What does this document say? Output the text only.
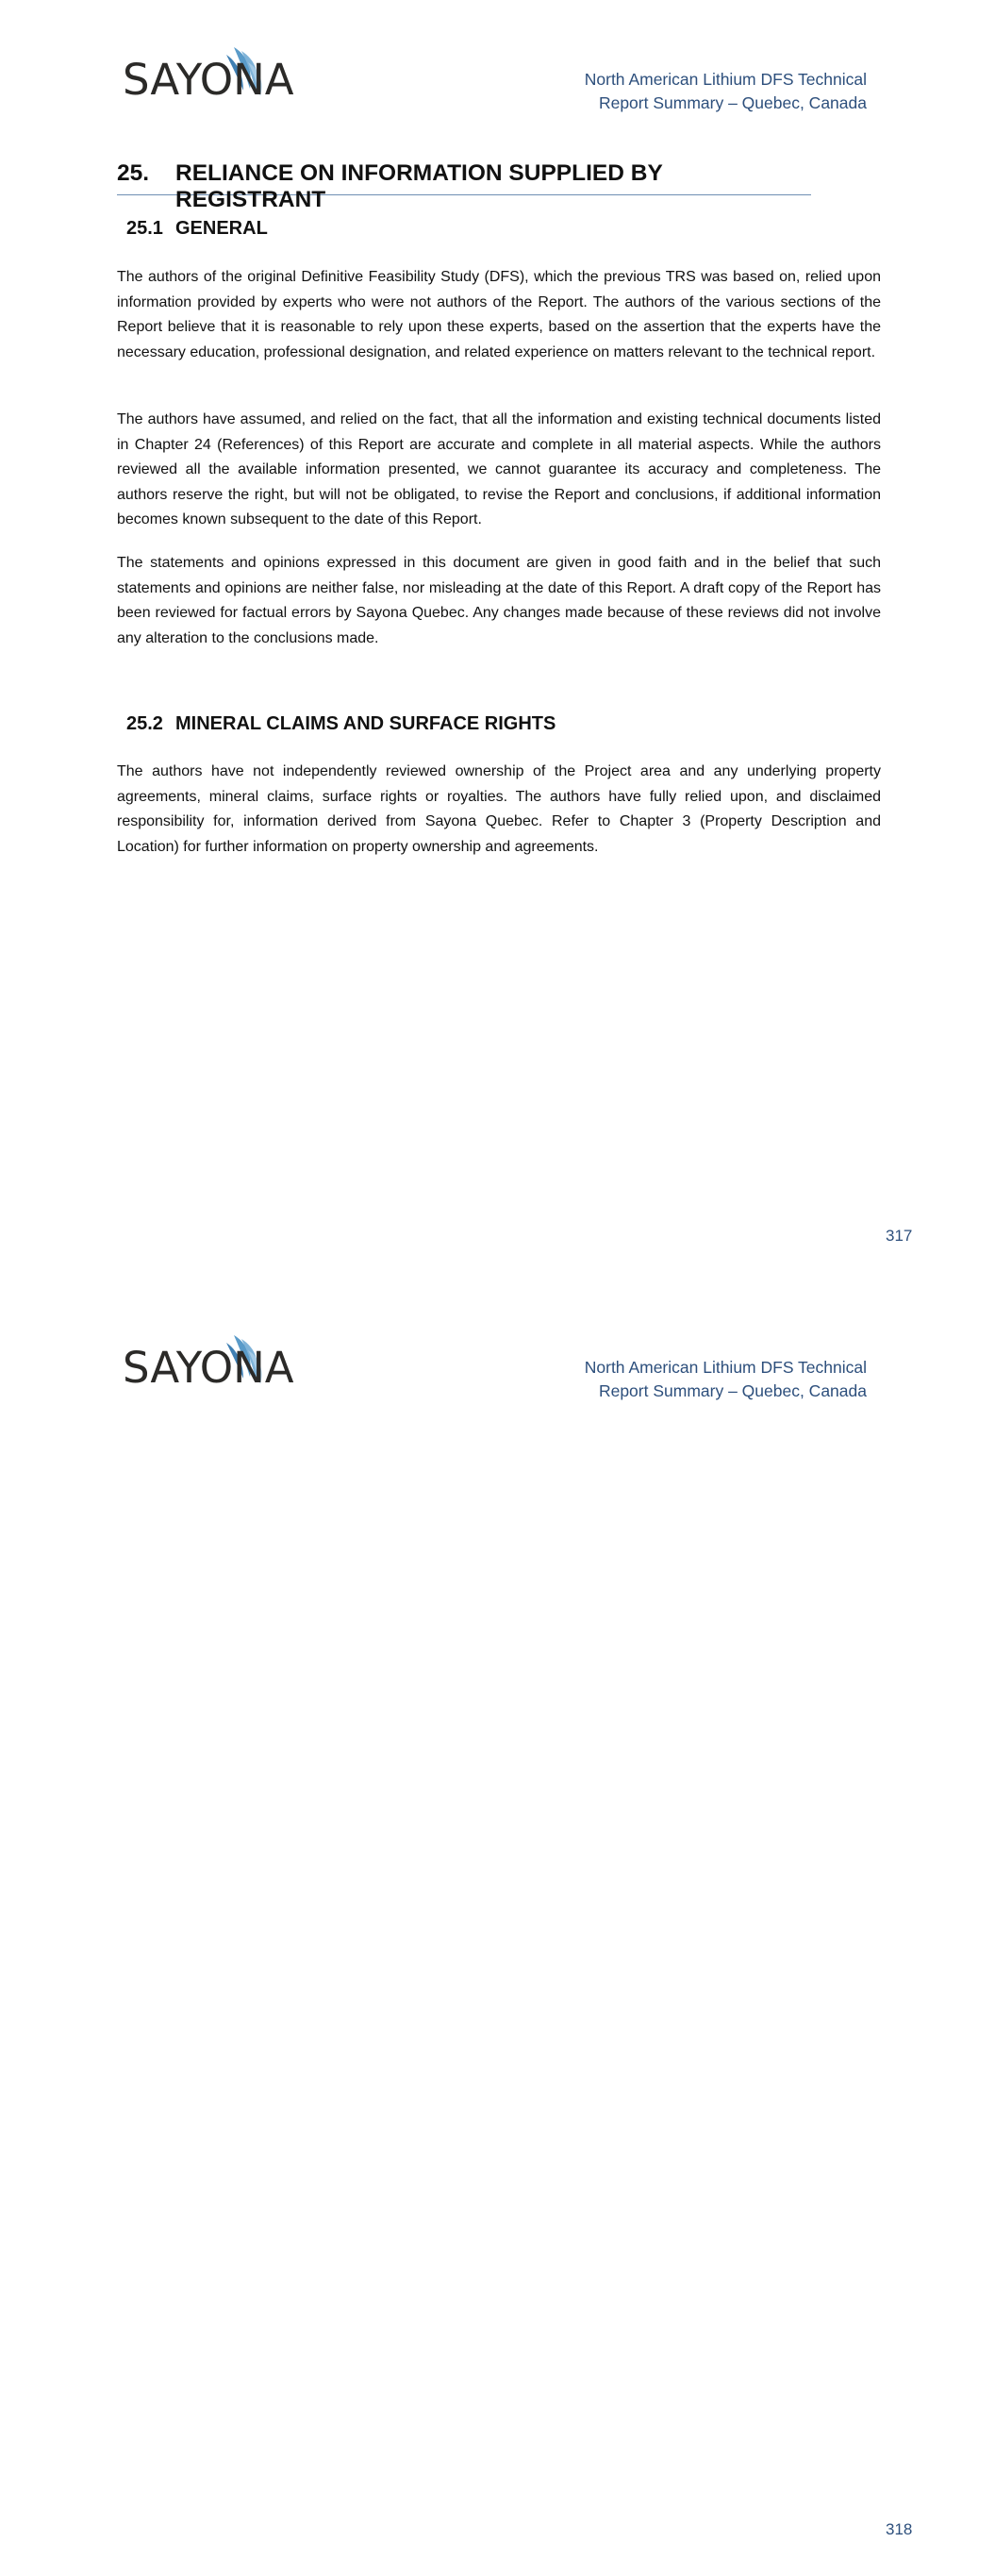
SAYONA	North American Lithium DFS Technical
Report Summary – Quebec, Canada
25. RELIANCE ON INFORMATION SUPPLIED BY REGISTRANT
25.1 GENERAL

The authors of the original Definitive Feasibility Study (DFS), which the previous TRS was based on, relied upon information provided by experts who were not authors of the Report. The authors of the various sections of the Report believe that it is reasonable to rely upon these experts, based on the assertion that the experts have the necessary education, professional designation, and related experience on matters relevant to the technical report.

The authors have assumed, and relied on the fact, that all the information and existing technical documents listed in Chapter 24 (References) of this Report are accurate and complete in all material aspects. While the authors reviewed all the available information presented, we cannot guarantee its accuracy and completeness. The authors reserve the right, but will not be obligated, to revise the Report and conclusions, if additional information becomes known subsequent to the date of this Report.

The statements and opinions expressed in this document are given in good faith and in the belief that such statements and opinions are neither false, nor misleading at the date of this Report. A draft copy of the Report has been reviewed for factual errors by Sayona Quebec. Any changes made because of these reviews did not involve any alteration to the conclusions made.

25.2 MINERAL CLAIMS AND SURFACE RIGHTS

The authors have not independently reviewed ownership of the Project area and any underlying property agreements, mineral claims, surface rights or royalties. The authors have fully relied upon, and disclaimed responsibility for, information derived from Sayona Quebec. Refer to Chapter 3 (Property Description and Location) for further information on property ownership and agreements.

317
SAYONA	North American Lithium DFS Technical
Report Summary – Quebec, Canada
318
